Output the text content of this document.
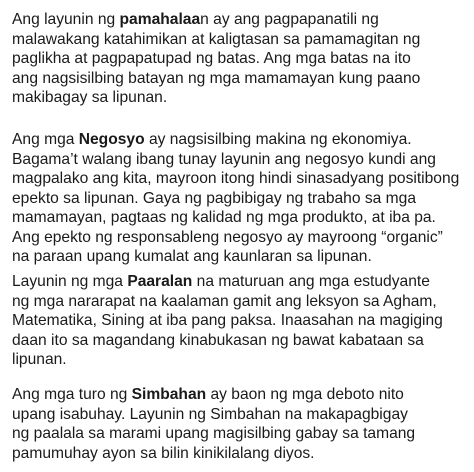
Ang layunin ng pamahalaan ay ang pagpapanatili ng
malawakang katahimikan at kaligtasan sa pamamagitan ng
paglikha at pagpapatupad ng batas. Ang mga batas na ito
ang nagsisilbing batayan ng mga mamamayan kung paano
makibagay sa lipunan.

Ang mga Negosyo ay nagsisilbing makina ng ekonomiya.
Bagama’t walang ibang tunay layunin ang negosyo kundi ang
magpalako ang kita, mayroon itong hindi sinasadyang positibong
epekto sa lipunan. Gaya ng pagbibigay ng trabaho sa mga
mamamayan, pagtaas ng kalidad ng mga produkto, at iba pa.
Ang epekto ng responsableng negosyo ay mayroong “organic”
na paraan upang kumalat ang kaunlaran sa lipunan.

Layunin ng mga Paaralan na maturuan ang mga estudyante
ng mga nararapat na kaalaman gamit ang leksyon sa Agham,
Matematika, Sining at iba pang paksa. Inaasahan na magiging
daan ito sa magandang kinabukasan ng bawat kabataan sa
lipunan.

Ang mga turo ng Simbahan ay baon ng mga deboto nito
upang isabuhay. Layunin ng Simbahan na makapagbigay
ng paalala sa marami upang magisilbing gabay sa tamang
pamumuhay ayon sa bilin kinikilalang diyos.
